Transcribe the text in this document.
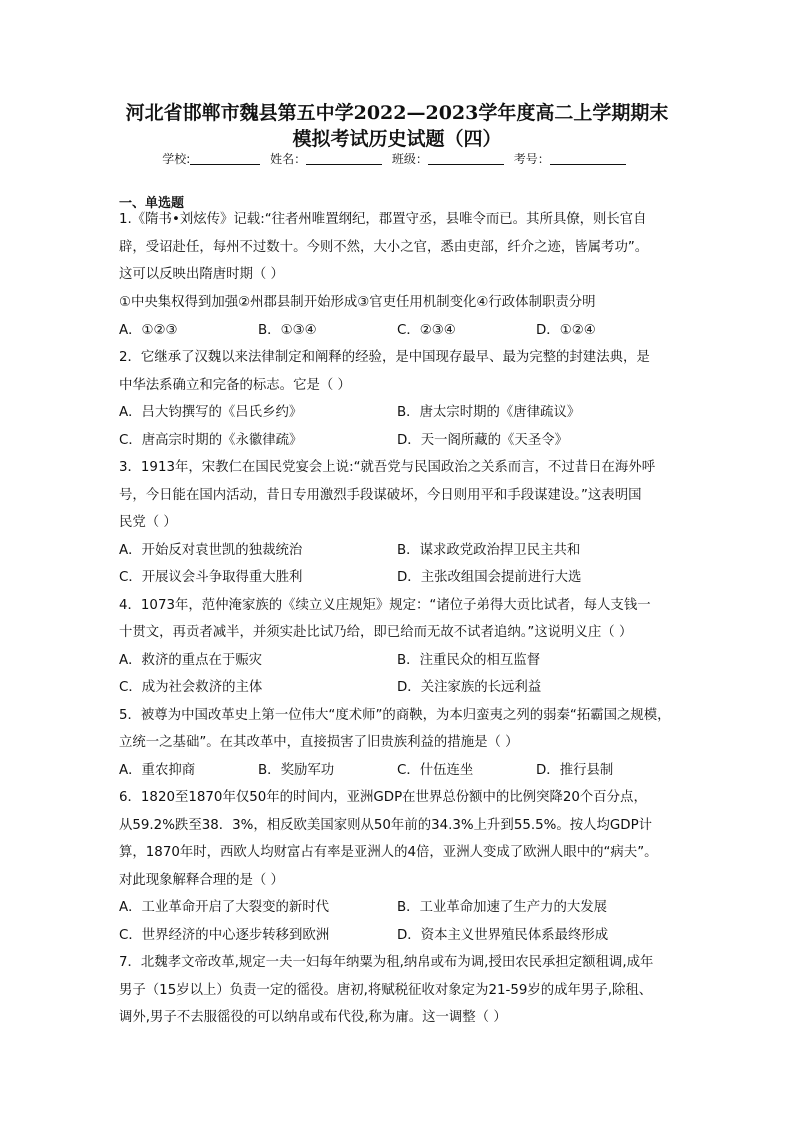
河北省邯郸市魏县第五中学2022—2023学年度高二上学期期末
模拟考试历史试题（四）
学校:	姓名：	班级：	考号：
一、单选题
1.《隋书•刘炫传》记载:“往者州唯置纲纪，郡置守丞，县唯令而已。其所具僚，则长官自
辟，受诏赴任，每州不过数十。今则不然，大小之官，悉由吏部，纤介之迹，皆属考功”。
这可以反映出隋唐时期（ ）
①中央集权得到加强②州郡县制开始形成③官吏任用机制变化④行政体制职责分明
A．①②③	B．①③④	C．②③④	D．①②④
2．它继承了汉魏以来法律制定和阐释的经验，是中国现存最早、最为完整的封建法典，是
中华法系确立和完备的标志。它是（ ）
A．吕大钧撰写的《吕氏乡约》	B．唐太宗时期的《唐律疏议》
C．唐高宗时期的《永徽律疏》	D．天一阁所藏的《天圣令》
3．1913年，宋教仁在国民党宴会上说:“就吾党与民国政治之关系而言，不过昔日在海外呼
号，今日能在国内活动，昔日专用激烈手段谋破坏，今日则用平和手段谋建设。”这表明国
民党（ ）
A．开始反对袁世凯的独裁统治	B．谋求政党政治捍卫民主共和
C．开展议会斗争取得重大胜利	D．主张改组国会提前进行大选
4．1073年，范仲淹家族的《续立义庄规矩》规定：“诸位子弟得大贡比试者，每人支钱一
十贯文，再贡者减半，并须实赴比试乃给，即已给而无故不试者追纳。”这说明义庄（ ）
A．救济的重点在于赈灾	B．注重民众的相互监督
C．成为社会救济的主体	D．关注家族的长远利益
5．被尊为中国改革史上第一位伟大“度术师”的商鞅，为本归蛮夷之列的弱秦“拓霸国之规模，
立统一之基础”。在其改革中，直接损害了旧贵族利益的措施是（ ）
A．重农抑商	B．奖励军功	C．什伍连坐	D．推行县制
6．1820至1870年仅50年的时间内，亚洲GDP在世界总份额中的比例突降20个百分点，
从59.2%跌至38．3%，相反欧美国家则从50年前的34.3%上升到55.5%。按人均GDP计
算，1870年时，西欧人均财富占有率是亚洲人的4倍，亚洲人变成了欧洲人眼中的“病夫”。
对此现象解释合理的是（ ）
A．工业革命开启了大裂变的新时代	B．工业革命加速了生产力的大发展
C．世界经济的中心逐步转移到欧洲	D．资本主义世界殖民体系最终形成
7．北魏孝文帝改革,规定一夫一妇每年纳粟为租,纳帛或布为调,授田农民承担定额租调,成年
男子（15岁以上）负责一定的徭役。唐初,将赋税征收对象定为21-59岁的成年男子,除租、
调外,男子不去服徭役的可以纳帛或布代役,称为庸。这一调整（ ）
